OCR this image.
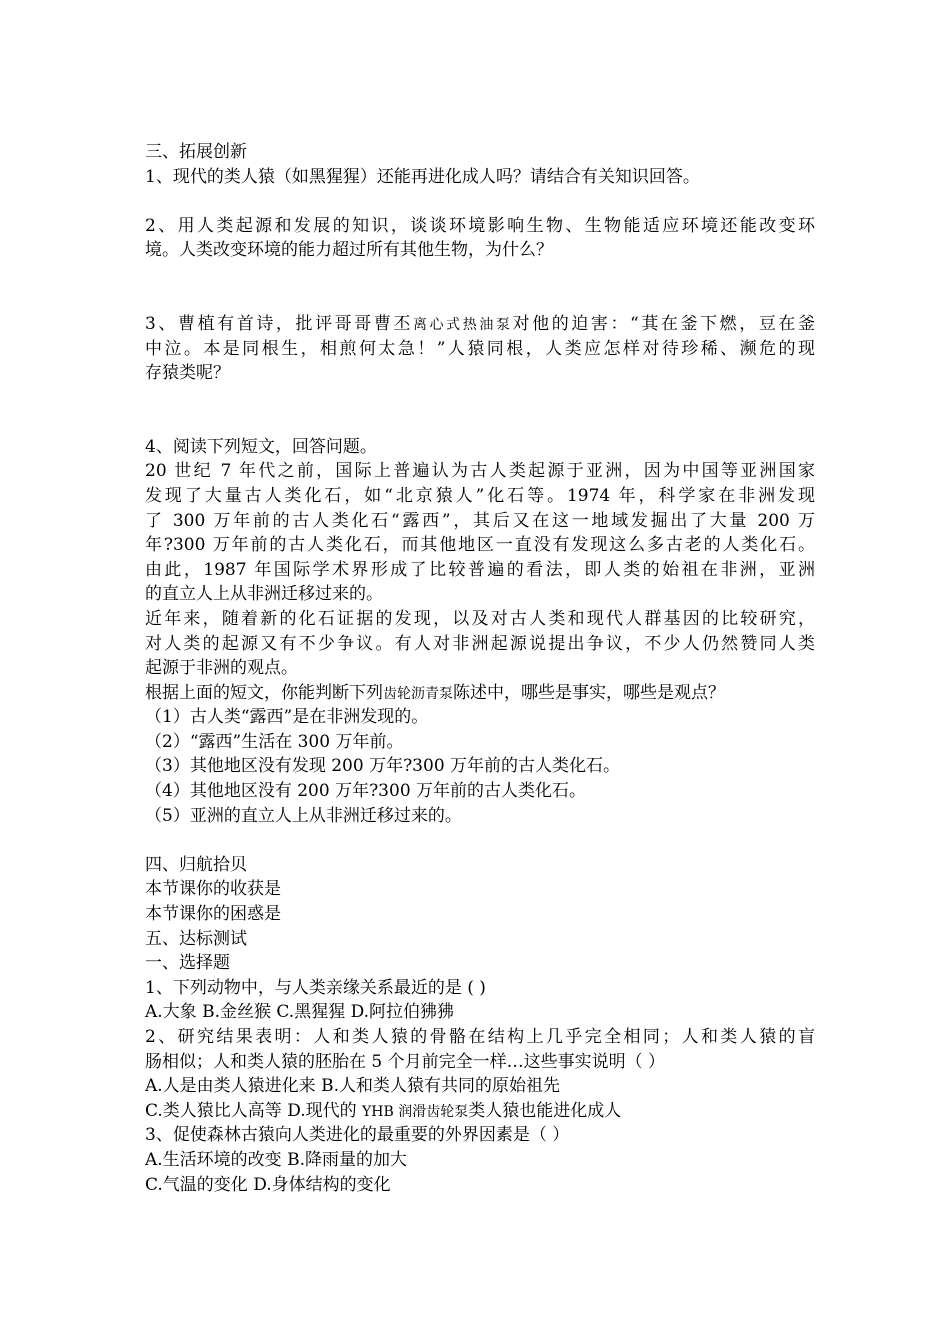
三、拓展创新
1、现代的类人猿（如黑猩猩）还能再进化成人吗？请结合有关知识回答。
2、用人类起源和发展的知识，谈谈环境影响生物、生物能适应环境还能改变环
境。人类改变环境的能力超过所有其他生物，为什么？
3、曹植有首诗，批评哥哥曹丕离心式热油泵对他的迫害：“萁在釜下燃，豆在釜
中泣。本是同根生，相煎何太急！”人猿同根，人类应怎样对待珍稀、濒危的现
存猿类呢？
4、阅读下列短文，回答问题。
20 世纪 7 年代之前，国际上普遍认为古人类起源于亚洲，因为中国等亚洲国家
发现了大量古人类化石，如“北京猿人”化石等。1974 年，科学家在非洲发现
了 300 万年前的古人类化石“露西”，其后又在这一地域发掘出了大量 200 万
年?300 万年前的古人类化石，而其他地区一直没有发现这么多古老的人类化石。
由此，1987 年国际学术界形成了比较普遍的看法，即人类的始祖在非洲，亚洲
的直立人上从非洲迁移过来的。
近年来，随着新的化石证据的发现，以及对古人类和现代人群基因的比较研究，
对人类的起源又有不少争议。有人对非洲起源说提出争议，不少人仍然赞同人类
起源于非洲的观点。
根据上面的短文，你能判断下列齿轮沥青泵陈述中，哪些是事实，哪些是观点？
（1）古人类“露西”是在非洲发现的。
（2）“露西”生活在 300 万年前。
（3）其他地区没有发现 200 万年?300 万年前的古人类化石。
（4）其他地区没有 200 万年?300 万年前的古人类化石。
（5）亚洲的直立人上从非洲迁移过来的。
四、归航拾贝
本节课你的收获是
本节课你的困惑是
五、达标测试
一、选择题
1、下列动物中，与人类亲缘关系最近的是 ( )
A.大象 B.金丝猴 C.黑猩猩 D.阿拉伯狒狒
2、研究结果表明：人和类人猿的骨骼在结构上几乎完全相同；人和类人猿的盲
肠相似；人和类人猿的胚胎在 5 个月前完全一样…这些事实说明（ ）
A.人是由类人猿进化来 B.人和类人猿有共同的原始祖先
C.类人猿比人高等 D.现代的 YHB 润滑齿轮泵类人猿也能进化成人
3、促使森林古猿向人类进化的最重要的外界因素是（ ）
A.生活环境的改变 B.降雨量的加大
C.气温的变化 D.身体结构的变化
